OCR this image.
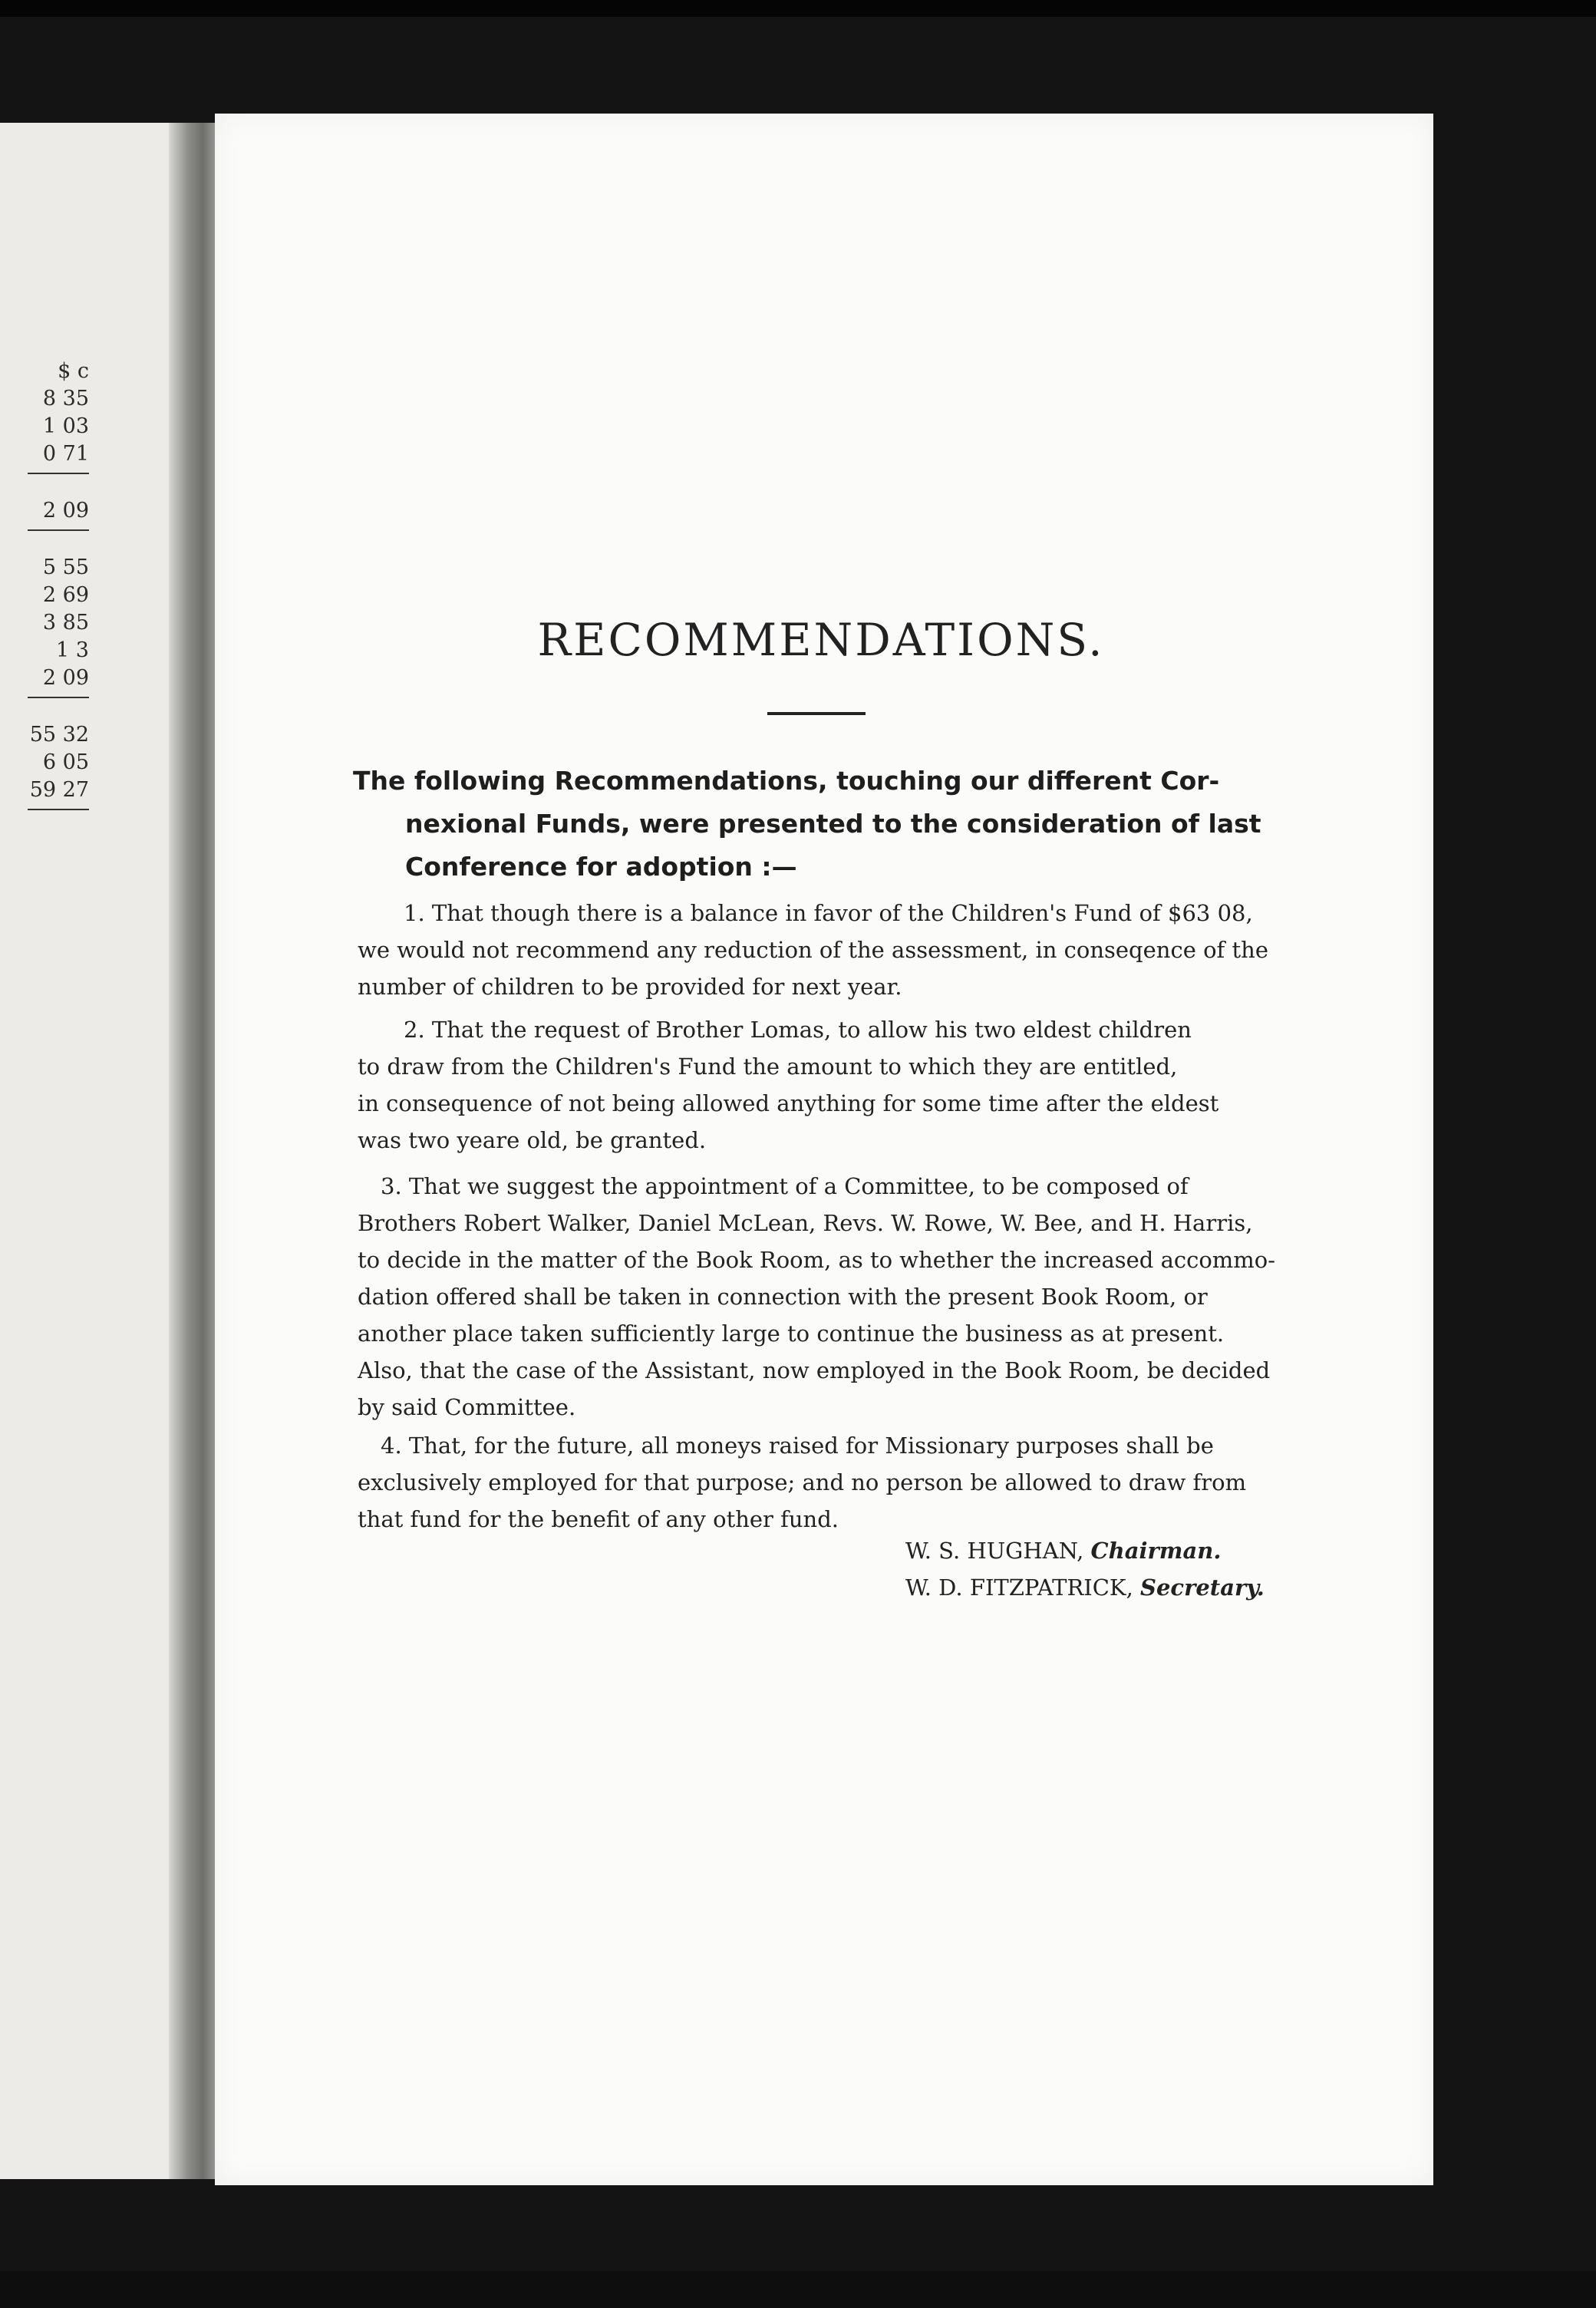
$ c
8 35
1 03
0 71
2 09
5 55
2 69
3 85
1 3
2 09
55 32
6 05
59 27
RECOMMENDATIONS.
The following Recommendations, touching our different Cor-
nexional Funds, were presented to the consideration of last
Conference for adoption :—
1. That though there is a balance in favor of the Children's Fund of $63 08,
we would not recommend any reduction of the assessment, in conseqence of the
number of children to be provided for next year.
2. That the request of Brother Lomas, to allow his two eldest children
to draw from the Children's Fund the amount to which they are entitled,
in consequence of not being allowed anything for some time after the eldest
was two yeare old, be granted.
3. That we suggest the appointment of a Committee, to be composed of
Brothers Robert Walker, Daniel McLean, Revs. W. Rowe, W. Bee, and H. Harris,
to decide in the matter of the Book Room, as to whether the increased accommo-
dation offered shall be taken in connection with the present Book Room, or
another place taken sufficiently large to continue the business as at present.
Also, that the case of the Assistant, now employed in the Book Room, be decided
by said Committee.
4. That, for the future, all moneys raised for Missionary purposes shall be
exclusively employed for that purpose; and no person be allowed to draw from
that fund for the benefit of any other fund.
W. S. HUGHAN, Chairman.
W. D. FITZPATRICK, Secretary.
